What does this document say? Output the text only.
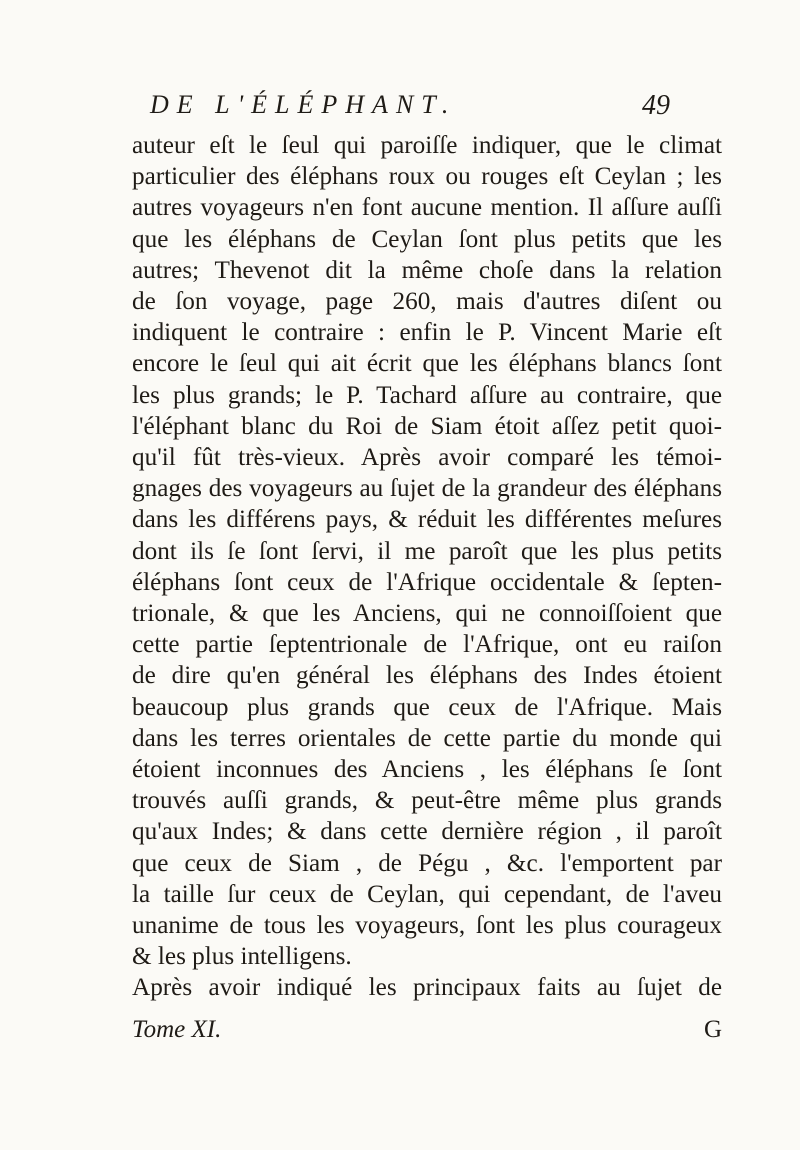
DE L'ÉLÉPHANT.	49
auteur eſt le ſeul qui paroiſſe indiquer, que le climat
particulier des éléphans roux ou rouges eſt Ceylan ; les
autres voyageurs n'en font aucune mention. Il aſſure auſſi
que les éléphans de Ceylan ſont plus petits que les
autres; Thevenot dit la même choſe dans la relation
de ſon voyage, page 260, mais d'autres diſent ou
indiquent le contraire : enfin le P. Vincent Marie eſt
encore le ſeul qui ait écrit que les éléphans blancs ſont
les plus grands; le P. Tachard aſſure au contraire, que
l'éléphant blanc du Roi de Siam étoit aſſez petit quoi-
qu'il fût très-vieux. Après avoir comparé les témoi-
gnages des voyageurs au ſujet de la grandeur des éléphans
dans les différens pays, & réduit les différentes meſures
dont ils ſe ſont ſervi, il me paroît que les plus petits
éléphans ſont ceux de l'Afrique occidentale & ſepten-
trionale, & que les Anciens, qui ne connoiſſoient que
cette partie ſeptentrionale de l'Afrique, ont eu raiſon
de dire qu'en général les éléphans des Indes étoient
beaucoup plus grands que ceux de l'Afrique. Mais
dans les terres orientales de cette partie du monde qui
étoient inconnues des Anciens , les éléphans ſe ſont
trouvés auſſi grands, & peut-être même plus grands
qu'aux Indes; & dans cette dernière région , il paroît
que ceux de Siam , de Pégu , &c. l'emportent par
la taille ſur ceux de Ceylan, qui cependant, de l'aveu
unanime de tous les voyageurs, ſont les plus courageux
& les plus intelligens.
Après avoir indiqué les principaux faits au ſujet de
Tome XI.	G
